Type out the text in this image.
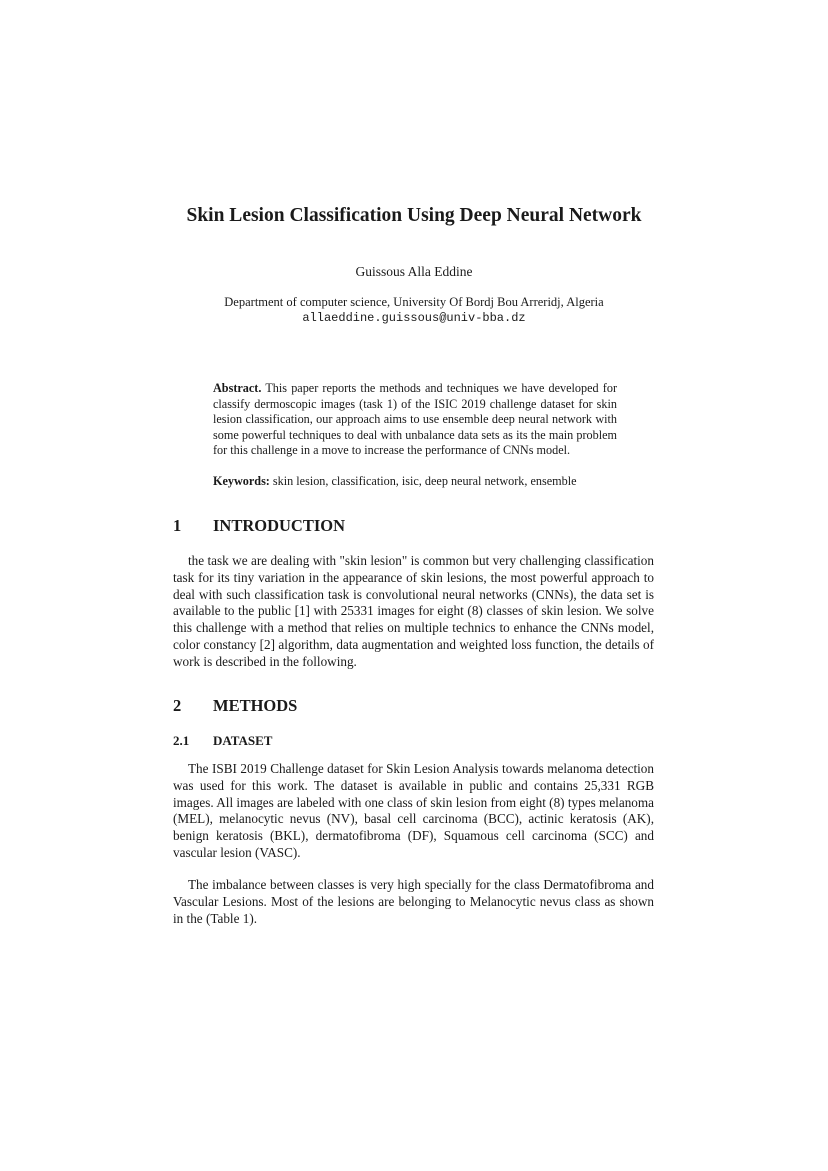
Skin Lesion Classification Using Deep Neural Network
Guissous Alla Eddine
Department of computer science, University Of Bordj Bou Arreridj, Algeria
allaeddine.guissous@univ-bba.dz
Abstract. This paper reports the methods and techniques we have developed for classify dermoscopic images (task 1) of the ISIC 2019 challenge dataset for skin lesion classification, our approach aims to use ensemble deep neural network with some powerful techniques to deal with unbalance data sets as its the main problem for this challenge in a move to increase the performance of CNNs model.
Keywords: skin lesion, classification, isic, deep neural network, ensemble
1 INTRODUCTION
the task we are dealing with "skin lesion" is common but very challenging classification task for its tiny variation in the appearance of skin lesions, the most powerful approach to deal with such classification task is convolutional neural networks (CNNs), the data set is available to the public [1] with 25331 images for eight (8) classes of skin lesion. We solve this challenge with a method that relies on multiple technics to enhance the CNNs model, color constancy [2] algorithm, data augmentation and weighted loss function, the details of work is described in the following.
2 METHODS
2.1 DATASET
The ISBI 2019 Challenge dataset for Skin Lesion Analysis towards melanoma detection was used for this work. The dataset is available in public and contains 25,331 RGB images. All images are labeled with one class of skin lesion from eight (8) types melanoma (MEL), melanocytic nevus (NV), basal cell carcinoma (BCC), actinic keratosis (AK), benign keratosis (BKL), dermatofibroma (DF), Squamous cell carcinoma (SCC) and vascular lesion (VASC).
The imbalance between classes is very high specially for the class Dermatofibroma and Vascular Lesions. Most of the lesions are belonging to Melanocytic nevus class as shown in the (Table 1).
